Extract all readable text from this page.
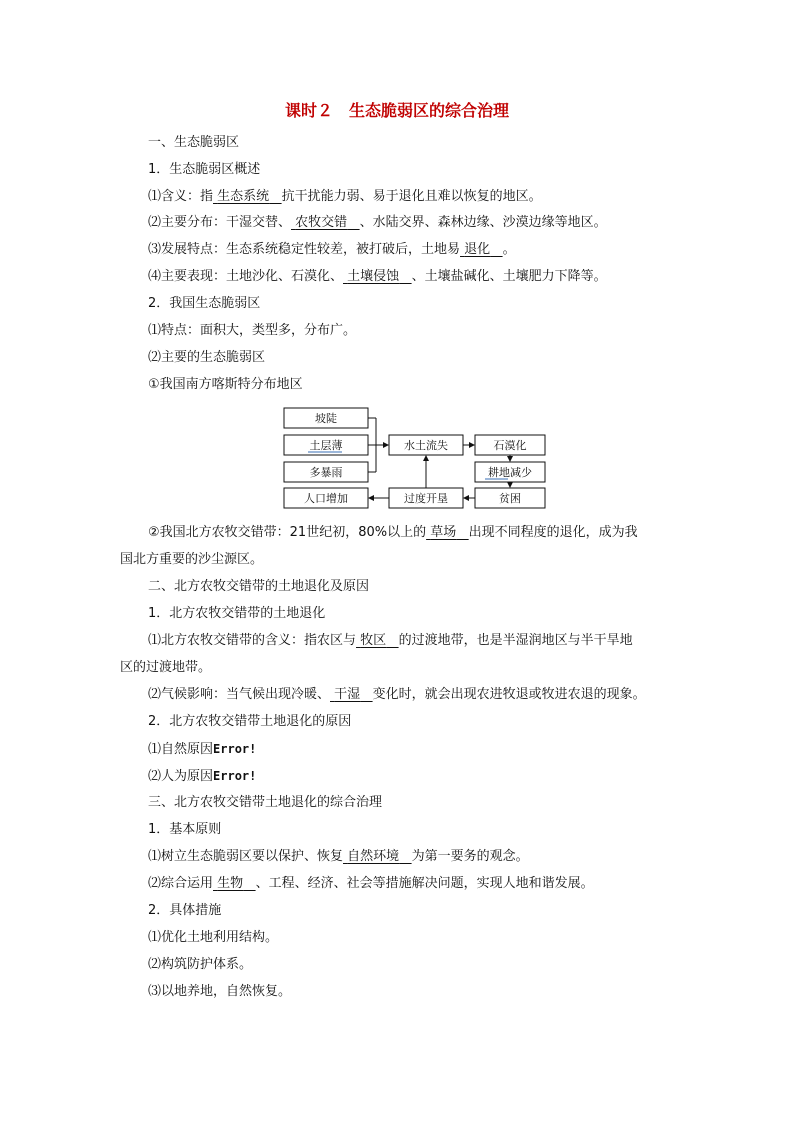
课时２　生态脆弱区的综合治理
一、生态脆弱区
1．生态脆弱区概述
⑴含义：指 生态系统 抗干扰能力弱、易于退化且难以恢复的地区。
⑵主要分布：干湿交替、 农牧交错 、水陆交界、森林边缘、沙漠边缘等地区。
⑶发展特点：生态系统稳定性较差，被打破后，土地易 退化 。
⑷主要表现：土地沙化、石漠化、 土壤侵蚀 、土壤盐碱化、土壤肥力下降等。
2．我国生态脆弱区
⑴特点：面积大，类型多，分布广。
⑵主要的生态脆弱区
①我国南方喀斯特分布地区
坡陡
土层薄
多暴雨
人口增加
水土流失
过度开垦
石漠化
耕地减少
贫困
②我国北方农牧交错带：21世纪初，80%以上的 草场 出现不同程度的退化，成为我
国北方重要的沙尘源区。
二、北方农牧交错带的土地退化及原因
1．北方农牧交错带的土地退化
⑴北方农牧交错带的含义：指农区与 牧区 的过渡地带，也是半湿润地区与半干旱地
区的过渡地带。
⑵气候影响：当气候出现冷暖、 干湿 变化时，就会出现农进牧退或牧进农退的现象。
2．北方农牧交错带土地退化的原因
⑴自然原因Error!
⑵人为原因Error!
三、北方农牧交错带土地退化的综合治理
1．基本原则
⑴树立生态脆弱区要以保护、恢复 自然环境 为第一要务的观念。
⑵综合运用 生物 、工程、经济、社会等措施解决问题，实现人地和谐发展。
2．具体措施
⑴优化土地利用结构。
⑵构筑防护体系。
⑶以地养地，自然恢复。
